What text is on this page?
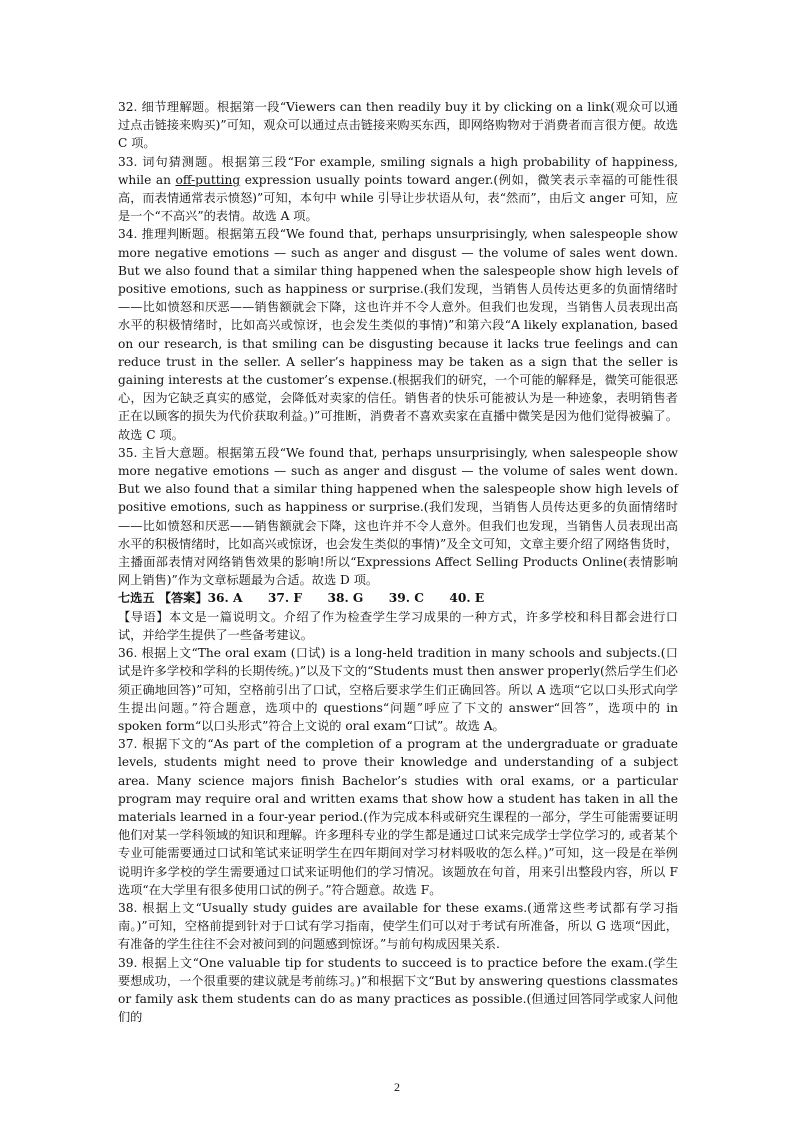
32. 细节理解题。根据第一段“Viewers can then readily buy it by clicking on a link(观众可以通过点击链接来购买)”可知，观众可以通过点击链接来购买东西，即网络购物对于消费者而言很方便。故选 C 项。

33. 词句猜测题。根据第三段“For example, smiling signals a high probability of happiness, while an off-putting expression usually points toward anger.(例如，微笑表示幸福的可能性很高，而表情通常表示愤怒)”可知，本句中 while 引导让步状语从句，表“然而”，由后文 anger 可知，应是一个“不高兴”的表情。故选 A 项。

34. 推理判断题。根据第五段“We found that, perhaps unsurprisingly, when salespeople show more negative emotions — such as anger and disgust — the volume of sales went down. But we also found that a similar thing happened when the salespeople show high levels of positive emotions, such as happiness or surprise.(我们发现，当销售人员传达更多的负面情绪时——比如愤怒和厌恶——销售额就会下降，这也许并不令人意外。但我们也发现，当销售人员表现出高水平的积极情绪时，比如高兴或惊讶，也会发生类似的事情)”和第六段“A likely explanation, based on our research, is that smiling can be disgusting because it lacks true feelings and can reduce trust in the seller. A seller’s happiness may be taken as a sign that the seller is gaining interests at the customer’s expense.(根据我们的研究，一个可能的解释是，微笑可能很恶心，因为它缺乏真实的感觉，会降低对卖家的信任。销售者的快乐可能被认为是一种迹象，表明销售者正在以顾客的损失为代价获取利益。)”可推断，消费者不喜欢卖家在直播中微笑是因为他们觉得被骗了。故选 C 项。

35. 主旨大意题。根据第五段“We found that, perhaps unsurprisingly, when salespeople show more negative emotions — such as anger and disgust — the volume of sales went down. But we also found that a similar thing happened when the salespeople show high levels of positive emotions, such as happiness or surprise.(我们发现，当销售人员传达更多的负面情绪时——比如愤怒和厌恶——销售额就会下降，这也许并不令人意外。但我们也发现，当销售人员表现出高水平的积极情绪时，比如高兴或惊讶，也会发生类似的事情)”及全文可知，文章主要介绍了网络售货时，主播面部表情对网络销售效果的影响!所以“Expressions Affect Selling Products Online(表情影响网上销售)”作为文章标题最为合适。故选 D 项。

七选五 【答案】36. A      37. F      38. G      39. C      40. E

【导语】本文是一篇说明文。介绍了作为检查学生学习成果的一种方式，许多学校和科目都会进行口试，并给学生提供了一些备考建议。

36. 根据上文“The oral exam (口试) is a long-held tradition in many schools and subjects.(口试是许多学校和学科的长期传统。)”以及下文的“Students must then answer properly(然后学生们必须正确地回答)”可知，空格前引出了口试，空格后要求学生们正确回答。所以 A 选项“它以口头形式向学生提出问题。”符合题意，选项中的 questions“问题”呼应了下文的 answer“回答”，选项中的 in spoken form“以口头形式”符合上文说的 oral exam“口试”。故选 A。

37. 根据下文的“As part of the completion of a program at the undergraduate or graduate levels, students might need to prove their knowledge and understanding of a subject area. Many science majors finish Bachelor’s studies with oral exams, or a particular program may require oral and written exams that show how a student has taken in all the materials learned in a four-year period.(作为完成本科或研究生课程的一部分，学生可能需要证明他们对某一学科领域的知识和理解。许多理科专业的学生都是通过口试来完成学士学位学习的, 或者某个专业可能需要通过口试和笔试来证明学生在四年期间对学习材料吸收的怎么样。)”可知，这一段是在举例说明许多学校的学生需要通过口试来证明他们的学习情况。该题放在句首，用来引出整段内容，所以 F 选项“在大学里有很多使用口试的例子。”符合题意。故选 F。

38. 根据上文“Usually study guides are available for these exams.(通常这些考试都有学习指南。)”可知，空格前提到针对于口试有学习指南，使学生们可以对于考试有所准备，所以 G 选项“因此，有准备的学生往往不会对被问到的问题感到惊讶。”与前句构成因果关系.

39. 根据上文“One valuable tip for students to succeed is to practice before the exam.(学生要想成功，一个很重要的建议就是考前练习。)”和根据下文“But by answering questions classmates or family ask them students can do as many practices as possible.(但通过回答同学或家人问他们的

2
